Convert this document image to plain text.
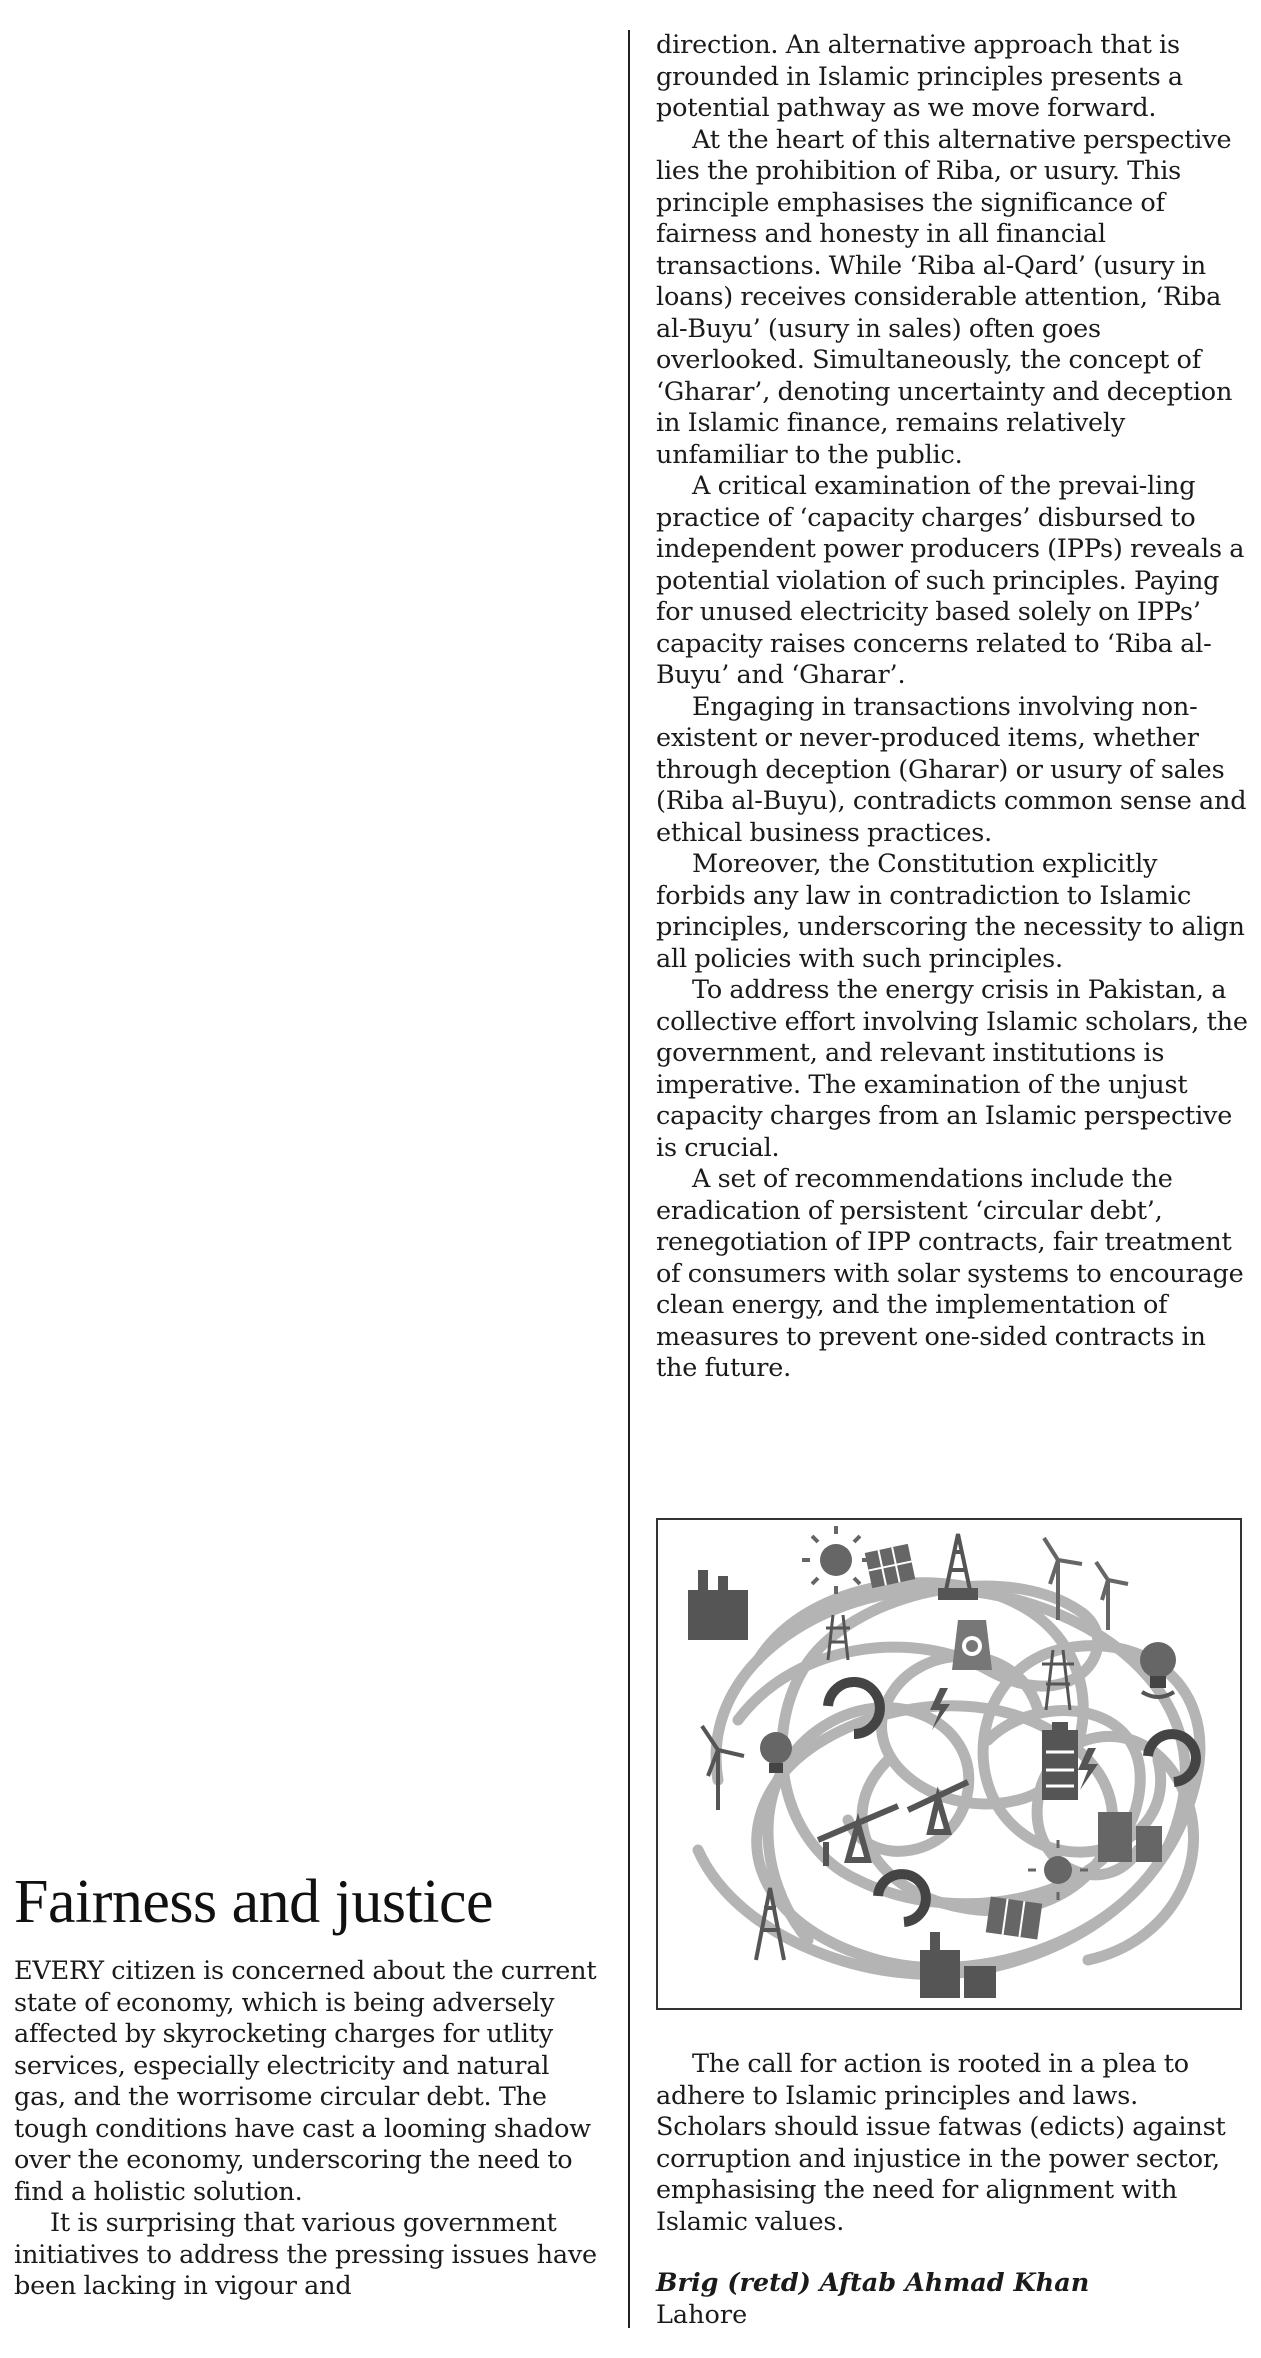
Fairness and justice

EVERY citizen is concerned about the current state of economy, which is being adversely affected by skyrocketing charges for utlity services, especially electricity and natural gas, and the worrisome circular debt. The tough conditions have cast a looming shadow over the economy, underscoring the need to find a holistic solution.

It is surprising that various government initiatives to address the pressing issues have been lacking in vigour and

direction. An alternative approach that is grounded in Islamic principles presents a potential pathway as we move forward.

At the heart of this alternative perspective lies the prohibition of Riba, or usury. This principle emphasises the significance of fairness and honesty in all financial transactions. While ‘Riba al-Qard’ (usury in loans) receives considerable attention, ‘Riba al-Buyu’ (usury in sales) often goes overlooked. Simultaneously, the concept of ‘Gharar’, denoting uncertainty and deception in Islamic finance, remains relatively unfamiliar to the public.

A critical examination of the prevai-ling practice of ‘capacity charges’ disbursed to independent power producers (IPPs) reveals a potential violation of such principles. Paying for unused electricity based solely on IPPs’ capacity raises concerns related to ‘Riba al-Buyu’ and ‘Gharar’.

Engaging in transactions involving non-existent or never-produced items, whether through deception (Gharar) or usury of sales (Riba al-Buyu), contradicts common sense and ethical business practices.

Moreover, the Constitution explicitly forbids any law in contradiction to Islamic principles, underscoring the necessity to align all policies with such principles.

To address the energy crisis in Pakistan, a collective effort involving Islamic scholars, the government, and relevant institutions is imperative. The examination of the unjust capacity charges from an Islamic perspective is crucial.

A set of recommendations include the eradication of persistent ‘circular debt’, renegotiation of IPP contracts, fair treatment of consumers with solar systems to encourage clean energy, and the implementation of measures to prevent one-sided contracts in the future.

The call for action is rooted in a plea to adhere to Islamic principles and laws. Scholars should issue fatwas (edicts) against corruption and injustice in the power sector, emphasising the need for alignment with Islamic values.

Brig (retd) Aftab Ahmad Khan
Lahore
